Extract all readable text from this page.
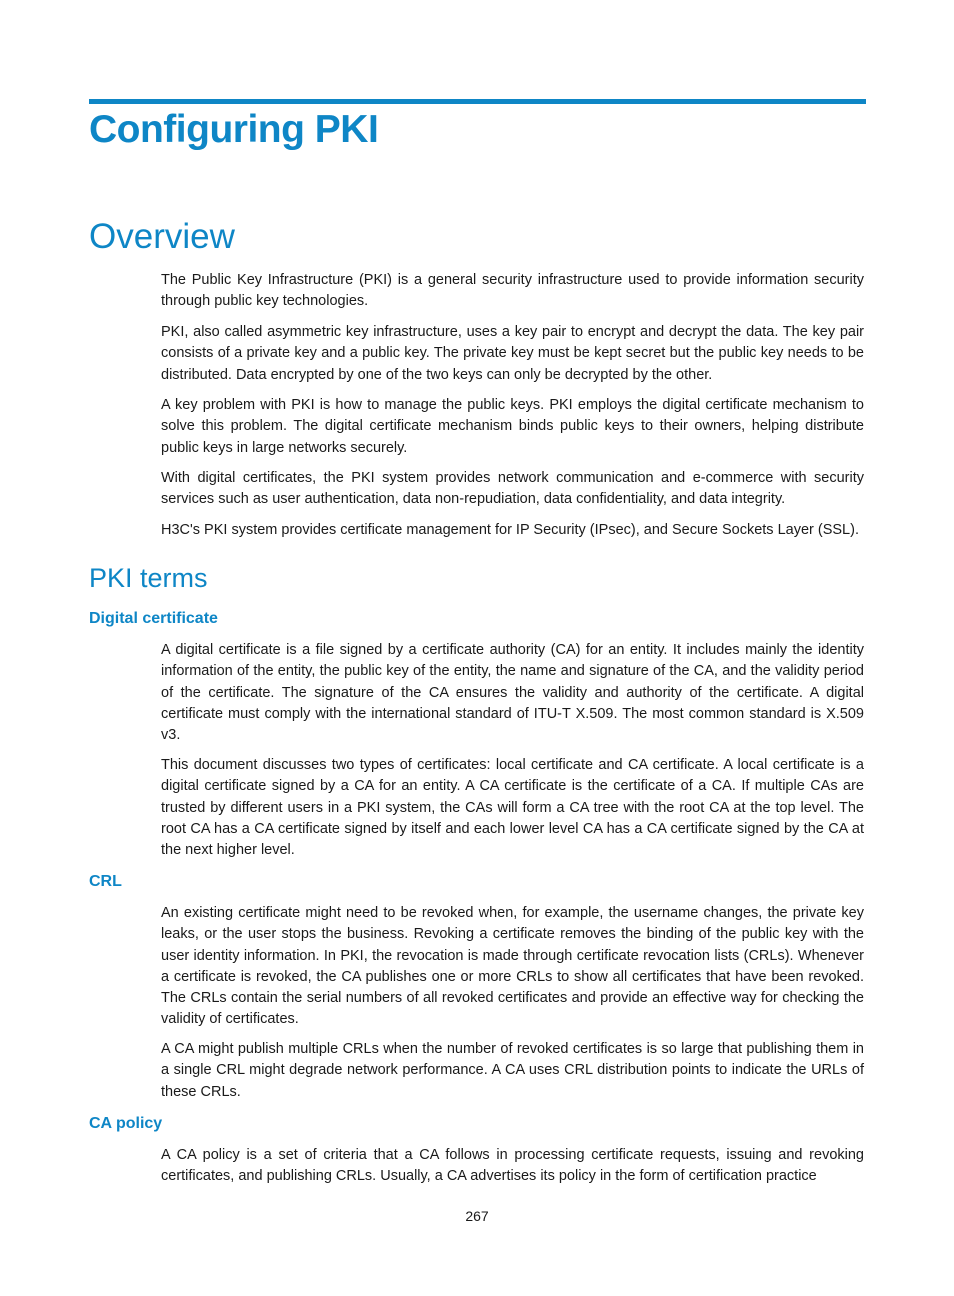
Configuring PKI
Overview

The Public Key Infrastructure (PKI) is a general security infrastructure used to provide information security through public key technologies.

PKI, also called asymmetric key infrastructure, uses a key pair to encrypt and decrypt the data. The key pair consists of a private key and a public key. The private key must be kept secret but the public key needs to be distributed. Data encrypted by one of the two keys can only be decrypted by the other.

A key problem with PKI is how to manage the public keys. PKI employs the digital certificate mechanism to solve this problem. The digital certificate mechanism binds public keys to their owners, helping distribute public keys in large networks securely.

With digital certificates, the PKI system provides network communication and e-commerce with security services such as user authentication, data non-repudiation, data confidentiality, and data integrity.

H3C's PKI system provides certificate management for IP Security (IPsec), and Secure Sockets Layer (SSL).

PKI terms
Digital certificate

A digital certificate is a file signed by a certificate authority (CA) for an entity. It includes mainly the identity information of the entity, the public key of the entity, the name and signature of the CA, and the validity period of the certificate. The signature of the CA ensures the validity and authority of the certificate. A digital certificate must comply with the international standard of ITU-T X.509. The most common standard is X.509 v3.

This document discusses two types of certificates: local certificate and CA certificate. A local certificate is a digital certificate signed by a CA for an entity. A CA certificate is the certificate of a CA. If multiple CAs are trusted by different users in a PKI system, the CAs will form a CA tree with the root CA at the top level. The root CA has a CA certificate signed by itself and each lower level CA has a CA certificate signed by the CA at the next higher level.

CRL

An existing certificate might need to be revoked when, for example, the username changes, the private key leaks, or the user stops the business. Revoking a certificate removes the binding of the public key with the user identity information. In PKI, the revocation is made through certificate revocation lists (CRLs). Whenever a certificate is revoked, the CA publishes one or more CRLs to show all certificates that have been revoked. The CRLs contain the serial numbers of all revoked certificates and provide an effective way for checking the validity of certificates.

A CA might publish multiple CRLs when the number of revoked certificates is so large that publishing them in a single CRL might degrade network performance. A CA uses CRL distribution points to indicate the URLs of these CRLs.

CA policy

A CA policy is a set of criteria that a CA follows in processing certificate requests, issuing and revoking certificates, and publishing CRLs. Usually, a CA advertises its policy in the form of certification practice

267
